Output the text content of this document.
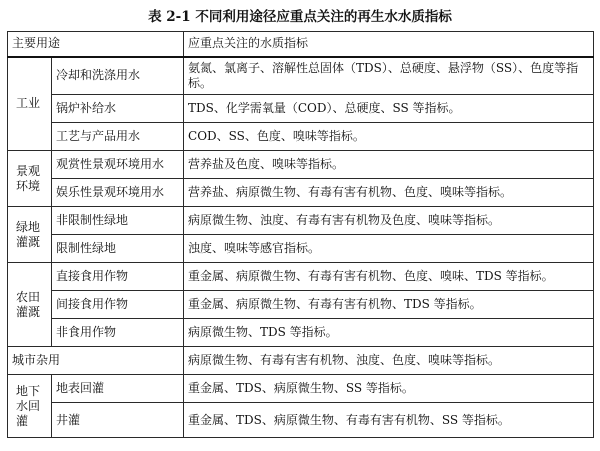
表 2-1 不同利用途径应重点关注的再生水水质指标
主要用途		应重点关注的水质指标
工业	冷却和洗涤用水	氨氮、氯离子、溶解性总固体（TDS）、总硬度、悬浮物（SS）、色度等指标。
	锅炉补给水	TDS、化学需氧量（COD）、总硬度、SS 等指标。
	工艺与产品用水	COD、SS、色度、嗅味等指标。
景观
环境	观赏性景观环境用水	营养盐及色度、嗅味等指标。
	娱乐性景观环境用水	营养盐、病原微生物、有毒有害有机物、色度、嗅味等指标。
绿地
灌溉	非限制性绿地	病原微生物、浊度、有毒有害有机物及色度、嗅味等指标。
	限制性绿地	浊度、嗅味等感官指标。
农田
灌溉	直接食用作物	重金属、病原微生物、有毒有害有机物、色度、嗅味、TDS 等指标。
	间接食用作物	重金属、病原微生物、有毒有害有机物、TDS 等指标。
	非食用作物	病原微生物、TDS 等指标。
城市杂用		病原微生物、有毒有害有机物、浊度、色度、嗅味等指标。
地下
水回
灌	地表回灌	重金属、TDS、病原微生物、SS 等指标。
	井灌	重金属、TDS、病原微生物、有毒有害有机物、SS 等指标。
